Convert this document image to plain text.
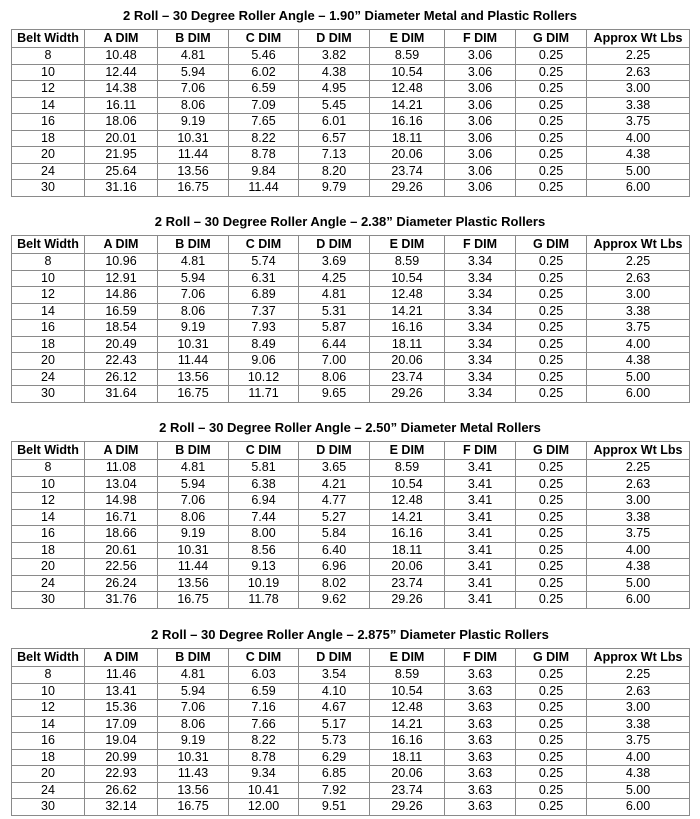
2 Roll – 30 Degree Roller Angle – 1.90” Diameter Metal and Plastic Rollers
Belt Width	A DIM	B DIM	C DIM	D DIM	E DIM	F DIM	G DIM	Approx Wt Lbs
8	10.48	4.81	5.46	3.82	8.59	3.06	0.25	2.25
10	12.44	5.94	6.02	4.38	10.54	3.06	0.25	2.63
12	14.38	7.06	6.59	4.95	12.48	3.06	0.25	3.00
14	16.11	8.06	7.09	5.45	14.21	3.06	0.25	3.38
16	18.06	9.19	7.65	6.01	16.16	3.06	0.25	3.75
18	20.01	10.31	8.22	6.57	18.11	3.06	0.25	4.00
20	21.95	11.44	8.78	7.13	20.06	3.06	0.25	4.38
24	25.64	13.56	9.84	8.20	23.74	3.06	0.25	5.00
30	31.16	16.75	11.44	9.79	29.26	3.06	0.25	6.00
2 Roll – 30 Degree Roller Angle – 2.38” Diameter Plastic Rollers
Belt Width	A DIM	B DIM	C DIM	D DIM	E DIM	F DIM	G DIM	Approx Wt Lbs
8	10.96	4.81	5.74	3.69	8.59	3.34	0.25	2.25
10	12.91	5.94	6.31	4.25	10.54	3.34	0.25	2.63
12	14.86	7.06	6.89	4.81	12.48	3.34	0.25	3.00
14	16.59	8.06	7.37	5.31	14.21	3.34	0.25	3.38
16	18.54	9.19	7.93	5.87	16.16	3.34	0.25	3.75
18	20.49	10.31	8.49	6.44	18.11	3.34	0.25	4.00
20	22.43	11.44	9.06	7.00	20.06	3.34	0.25	4.38
24	26.12	13.56	10.12	8.06	23.74	3.34	0.25	5.00
30	31.64	16.75	11.71	9.65	29.26	3.34	0.25	6.00
2 Roll – 30 Degree Roller Angle – 2.50” Diameter Metal Rollers
Belt Width	A DIM	B DIM	C DIM	D DIM	E DIM	F DIM	G DIM	Approx Wt Lbs
8	11.08	4.81	5.81	3.65	8.59	3.41	0.25	2.25
10	13.04	5.94	6.38	4.21	10.54	3.41	0.25	2.63
12	14.98	7.06	6.94	4.77	12.48	3.41	0.25	3.00
14	16.71	8.06	7.44	5.27	14.21	3.41	0.25	3.38
16	18.66	9.19	8.00	5.84	16.16	3.41	0.25	3.75
18	20.61	10.31	8.56	6.40	18.11	3.41	0.25	4.00
20	22.56	11.44	9.13	6.96	20.06	3.41	0.25	4.38
24	26.24	13.56	10.19	8.02	23.74	3.41	0.25	5.00
30	31.76	16.75	11.78	9.62	29.26	3.41	0.25	6.00
2 Roll – 30 Degree Roller Angle – 2.875” Diameter Plastic Rollers
Belt Width	A DIM	B DIM	C DIM	D DIM	E DIM	F DIM	G DIM	Approx Wt Lbs
8	11.46	4.81	6.03	3.54	8.59	3.63	0.25	2.25
10	13.41	5.94	6.59	4.10	10.54	3.63	0.25	2.63
12	15.36	7.06	7.16	4.67	12.48	3.63	0.25	3.00
14	17.09	8.06	7.66	5.17	14.21	3.63	0.25	3.38
16	19.04	9.19	8.22	5.73	16.16	3.63	0.25	3.75
18	20.99	10.31	8.78	6.29	18.11	3.63	0.25	4.00
20	22.93	11.43	9.34	6.85	20.06	3.63	0.25	4.38
24	26.62	13.56	10.41	7.92	23.74	3.63	0.25	5.00
30	32.14	16.75	12.00	9.51	29.26	3.63	0.25	6.00
